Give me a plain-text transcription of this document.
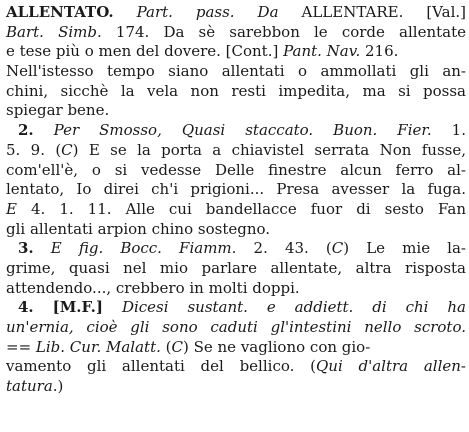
ALLENTATO. Part. pass. Da ALLENTARE. [Val.]
Bart. Simb. 174. Da sè sarebbon le corde allentate
e tese più o men del dovere. [Cont.] Pant. Nav. 216.
Nell'istesso tempo siano allentati o ammollati gli an-
chini, sicchè la vela non resti impedita, ma si possa
spiegar bene.
2. Per Smosso, Quasi staccato. Buon. Fier. 1.
5. 9. (C) E se la porta a chiavistel serrata Non fusse,
com'ell'è, o si vedesse Delle finestre alcun ferro al-
lentato, Io direi ch'i prigioni... Presa avesser la fuga.
E 4. 1. 11. Alle cui bandellacce fuor di sesto Fan
gli allentati arpion chino sostegno.
3. E fig. Bocc. Fiamm. 2. 43. (C) Le mie la-
grime, quasi nel mio parlare allentate, altra risposta
attendendo..., crebbero in molti doppi.
4. [M.F.] Dicesi sustant. e addiett. di chi ha
un'ernia, cioè gli sono caduti gl'intestini nello scroto.
== Lib. Cur. Malatt. (C) Se ne vagliono con gio-
vamento gli allentati del bellico. (Qui d'altra allen-
tatura.)
